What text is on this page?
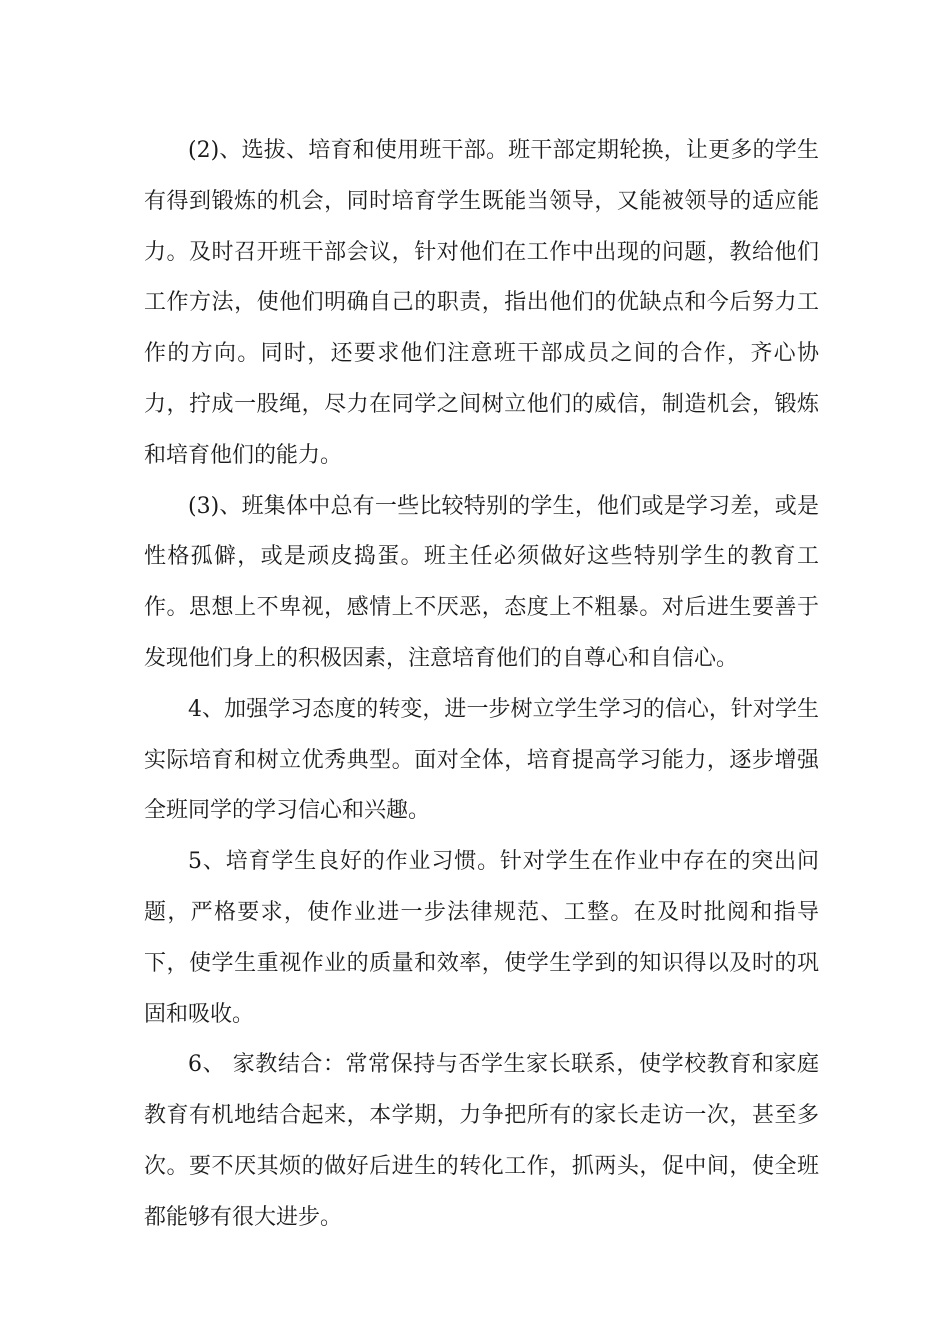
(2)、选拔、培育和使用班干部。班干部定期轮换，让更多的学生有得到锻炼的机会，同时培育学生既能当领导，又能被领导的适应能力。及时召开班干部会议，针对他们在工作中出现的问题，教给他们工作方法，使他们明确自己的职责，指出他们的优缺点和今后努力工作的方向。同时，还要求他们注意班干部成员之间的合作，齐心协力，拧成一股绳，尽力在同学之间树立他们的威信，制造机会，锻炼和培育他们的能力。

(3)、班集体中总有一些比较特别的学生，他们或是学习差，或是性格孤僻，或是顽皮捣蛋。班主任必须做好这些特别学生的教育工作。思想上不卑视，感情上不厌恶，态度上不粗暴。对后进生要善于发现他们身上的积极因素，注意培育他们的自尊心和自信心。

4、加强学习态度的转变，进一步树立学生学习的信心，针对学生实际培育和树立优秀典型。面对全体，培育提高学习能力，逐步增强全班同学的学习信心和兴趣。

5、培育学生良好的作业习惯。针对学生在作业中存在的突出问题，严格要求，使作业进一步法律规范、工整。在及时批阅和指导下，使学生重视作业的质量和效率，使学生学到的知识得以及时的巩固和吸收。

6、 家教结合：常常保持与否学生家长联系，使学校教育和家庭教育有机地结合起来，本学期，力争把所有的家长走访一次，甚至多次。要不厌其烦的做好后进生的转化工作，抓两头，促中间，使全班都能够有很大进步。
